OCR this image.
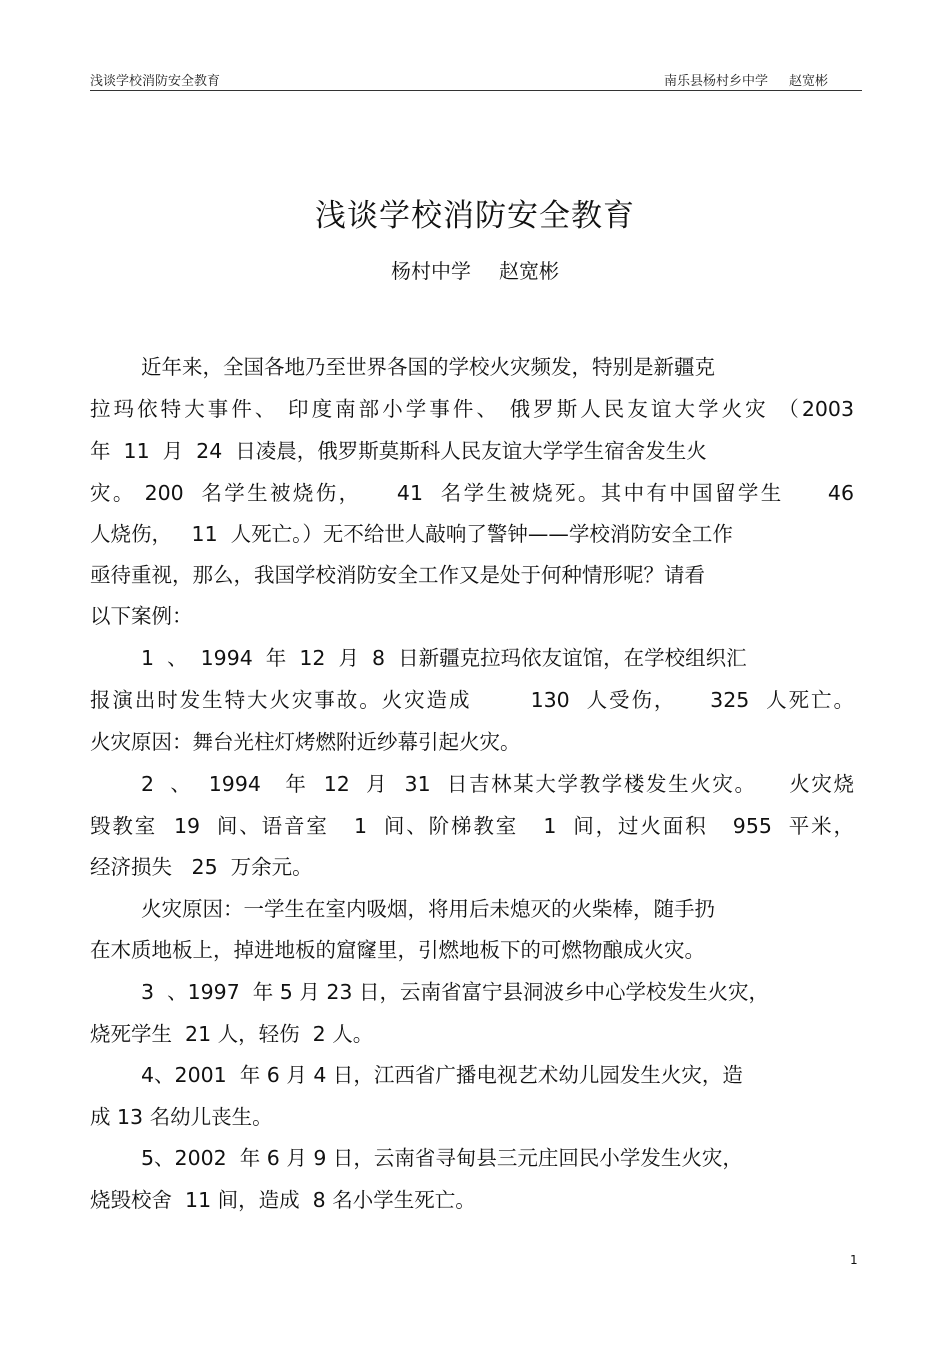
浅谈学校消防安全教育	南乐县杨村乡中学 赵宽彬
浅谈学校消防安全教育
杨村中学 赵宽彬
近年来，全国各地乃至世界各国的学校火灾频发，特别是新疆克
拉玛依特大事件、 印度南部小学事件、 俄罗斯人民友谊大学火灾 （2003
年  11  月  24  日凌晨，俄罗斯莫斯科人民友谊大学学生宿舍发生火
灾。 200  名学生被烧伤，    41  名学生被烧死。其中有中国留学生     46
人烧伤，   11  人死亡。）无不给世人敲响了警钟——学校消防安全工作
亟待重视，那么，我国学校消防安全工作又是处于何种情形呢？请看
以下案例：
1  、  1994  年  12  月  8  日新疆克拉玛依友谊馆，在学校组织汇
报演出时发生特大火灾事故。火灾造成       130  人受伤，    325  人死亡。
火灾原因：舞台光柱灯烤燃附近纱幕引起火灾。
2  、  1994   年  12  月  31  日吉林某大学教学楼发生火灾。    火灾烧
毁教室  19  间、语音室   1  间、阶梯教室   1  间，过火面积   955  平米，
经济损失   25  万余元。
火灾原因：一学生在室内吸烟，将用后未熄灭的火柴棒，随手扔
在木质地板上，掉进地板的窟窿里，引燃地板下的可燃物酿成火灾。
3  、1997  年 5 月 23 日，云南省富宁县洞波乡中心学校发生火灾，
烧死学生  21 人，轻伤  2 人。
4、2001  年 6 月 4 日，江西省广播电视艺术幼儿园发生火灾，造
成 13 名幼儿丧生。
5、2002  年 6 月 9 日，云南省寻甸县三元庄回民小学发生火灾，
烧毁校舍  11 间，造成  8 名小学生死亡。
1
